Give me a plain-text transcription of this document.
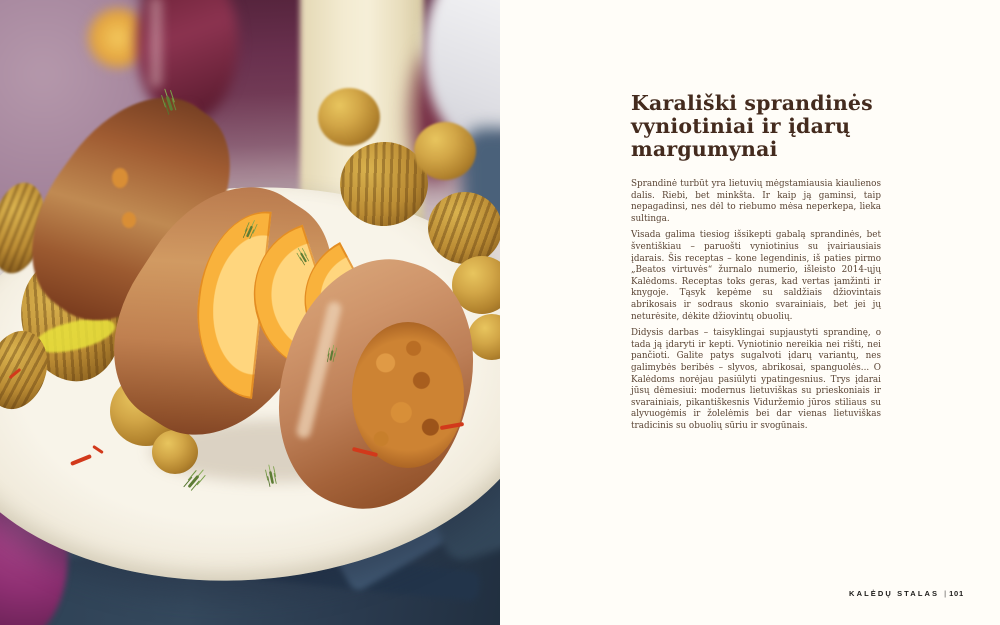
Karališki sprandinės
vyniotiniai ir įdarų
margumynai

Sprandinė turbūt yra lietuvių mėgstamiausia kiaulienos dalis. Riebi, bet minkšta. Ir kaip ją gaminsi, taip nepagadinsi, nes dėl to riebumo mėsa neperkepa, lieka sultinga.

Visada galima tiesiog išsikepti gabalą sprandinės, bet šventiškiau – paruošti vyniotinius su įvairiausiais įdarais. Šis receptas – kone legendinis, iš paties pirmo „Beatos virtuvės“ žurnalo numerio, išleisto 2014-ųjų Kalėdoms. Receptas toks geras, kad vertas įamžinti ir knygoje. Tąsyk kepėme su saldžiais džiovintais abrikosais ir sodraus skonio svarainiais, bet jei jų neturėsite, dėkite džiovintų obuolių.

Didysis darbas – taisyklingai supjaustyti sprandinę, o tada ją įdaryti ir kepti. Vyniotinio nereikia nei rišti, nei pančioti. Galite patys sugalvoti įdarų variantų, nes galimybės beribės – slyvos, abrikosai, spanguolės... O Kalėdoms norėjau pasiūlyti ypatingesnius. Trys įdarai jūsų dėmesiui: modernus lietuviškas su prieskoniais ir svarainiais, pikantiškesnis Viduržemio jūros stiliaus su alyvuogėmis ir žolelėmis bei dar vienas lietuviškas tradicinis su obuolių sūriu ir svogūnais.

KALĖDŲ STALAS | 101
